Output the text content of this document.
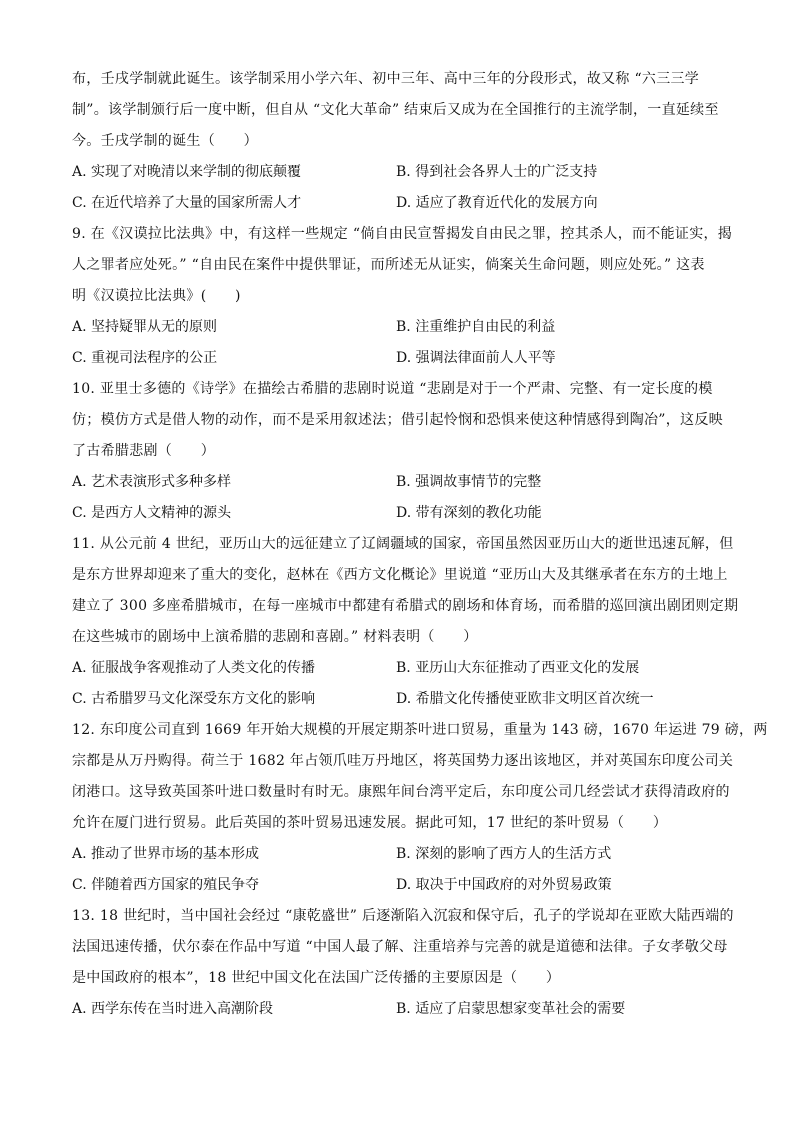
布，壬戌学制就此诞生。该学制采用小学六年、初中三年、高中三年的分段形式，故又称 “六三三学
制”。该学制颁行后一度中断，但自从 “文化大革命” 结束后又成为在全国推行的主流学制，一直延续至
今。壬戌学制的诞生（　　）
A. 实现了对晚清以来学制的彻底颠覆	B. 得到社会各界人士的广泛支持
C. 在近代培养了大量的国家所需人才	D. 适应了教育近代化的发展方向
9. 在《汉谟拉比法典》中，有这样一些规定 “倘自由民宣誓揭发自由民之罪，控其杀人，而不能证实，揭
人之罪者应处死。” “自由民在案件中提供罪证，而所述无从证实，倘案关生命问题，则应处死。” 这表
明《汉谟拉比法典》(　　)
A. 坚持疑罪从无的原则	B. 注重维护自由民的利益
C. 重视司法程序的公正	D. 强调法律面前人人平等
10. 亚里士多德的《诗学》在描绘古希腊的悲剧时说道 “悲剧是对于一个严肃、完整、有一定长度的模
仿；模仿方式是借人物的动作，而不是采用叙述法；借引起怜悯和恐惧来使这种情感得到陶冶”，这反映
了古希腊悲剧（　　）
A. 艺术表演形式多种多样	B. 强调故事情节的完整
C. 是西方人文精神的源头	D. 带有深刻的教化功能
11. 从公元前 4 世纪，亚历山大的远征建立了辽阔疆域的国家，帝国虽然因亚历山大的逝世迅速瓦解，但
是东方世界却迎来了重大的变化，赵林在《西方文化概论》里说道 “亚历山大及其继承者在东方的土地上
建立了 300 多座希腊城市，在每一座城市中都建有希腊式的剧场和体育场，而希腊的巡回演出剧团则定期
在这些城市的剧场中上演希腊的悲剧和喜剧。” 材料表明（　　）
A. 征服战争客观推动了人类文化的传播	B. 亚历山大东征推动了西亚文化的发展
C. 古希腊罗马文化深受东方文化的影响	D. 希腊文化传播使亚欧非文明区首次统一
12. 东印度公司直到 1669 年开始大规模的开展定期茶叶进口贸易，重量为 143 磅，1670 年运进 79 磅，两
宗都是从万丹购得。荷兰于 1682 年占领爪哇万丹地区，将英国势力逐出该地区，并对英国东印度公司关
闭港口。这导致英国茶叶进口数量时有时无。康熙年间台湾平定后，东印度公司几经尝试才获得清政府的
允许在厦门进行贸易。此后英国的茶叶贸易迅速发展。据此可知，17 世纪的茶叶贸易（　　）
A. 推动了世界市场的基本形成	B. 深刻的影响了西方人的生活方式
C. 伴随着西方国家的殖民争夺	D. 取决于中国政府的对外贸易政策
13. 18 世纪时，当中国社会经过 “康乾盛世” 后逐渐陷入沉寂和保守后，孔子的学说却在亚欧大陆西端的
法国迅速传播，伏尔泰在作品中写道 “中国人最了解、注重培养与完善的就是道德和法律。子女孝敬父母
是中国政府的根本”，18 世纪中国文化在法国广泛传播的主要原因是（　　）
A. 西学东传在当时进入高潮阶段	B. 适应了启蒙思想家变革社会的需要
